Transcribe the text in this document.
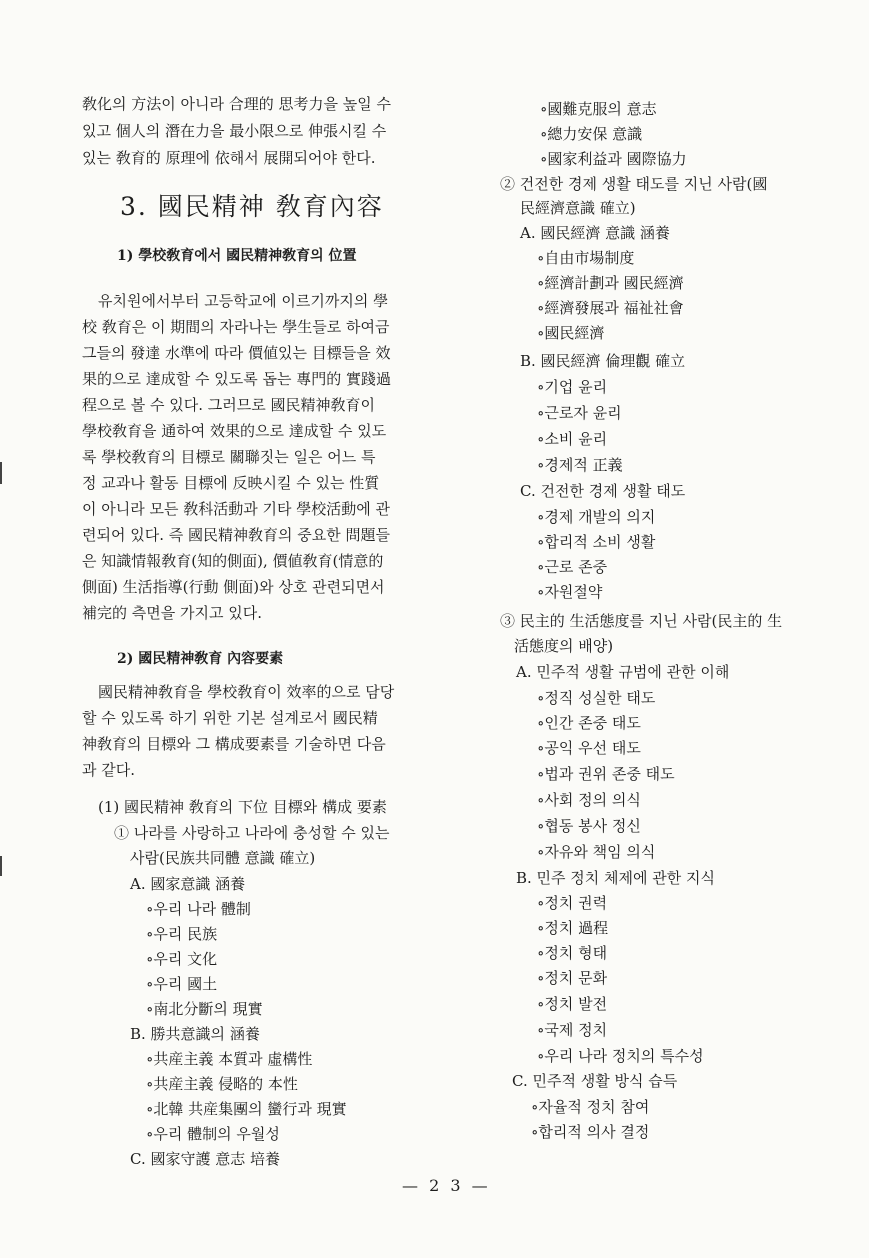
敎化의 方法이 아니라 合理的 思考力을 높일 수
있고 個人의 潛在力을 最小限으로 伸張시킬 수
있는 敎育的 原理에 依해서 展開되어야 한다.
3. 國民精神 敎育內容
1) 學校敎育에서 國民精神敎育의 位置
유치원에서부터 고등학교에 이르기까지의 學
校 敎育은 이 期間의 자라나는 學生들로 하여금
그들의 發達 水準에 따라 價値있는 目標들을 效
果的으로 達成할 수 있도록 돕는 專門的 實踐過
程으로 볼 수 있다. 그러므로 國民精神敎育이
學校敎育을 通하여 效果的으로 達成할 수 있도
록 學校敎育의 目標로 關聯짓는 일은 어느 특
정 교과나 활동 目標에 反映시킬 수 있는 性質
이 아니라 모든 敎科活動과 기타 學校活動에 관
련되어 있다. 즉 國民精神敎育의 중요한 問題들
은 知識情報敎育(知的側面), 價値敎育(情意的
側面) 生活指導(行動 側面)와 상호 관련되면서
補完的 측면을 가지고 있다.
2) 國民精神敎育 內容要素
國民精神敎育을 學校敎育이 效率的으로 담당
할 수 있도록 하기 위한 기본 설계로서 國民精
神敎育의 目標와 그 構成要素를 기술하면 다음
과 같다.
(1) 國民精神 敎育의 下位 目標와 構成 要素
① 나라를 사랑하고 나라에 충성할 수 있는
사람(民族共同體 意識 確立)
A. 國家意識 涵養
∘우리 나라 體制
∘우리 民族
∘우리 文化
∘우리 國土
∘南北分斷의 現實
B. 勝共意識의 涵養
∘共産主義 本質과 虛構性
∘共産主義 侵略的 本性
∘北韓 共産集團의 蠻行과 現實
∘우리 體制의 우월성
C. 國家守護 意志 培養
∘國難克服의 意志
∘總力安保 意識
∘國家利益과 國際協力
② 건전한 경제 생활 태도를 지닌 사람(國
民經濟意識 確立)
A. 國民經濟 意識 涵養
∘自由市場制度
∘經濟計劃과 國民經濟
∘經濟發展과 福祉社會
∘國民經濟
B. 國民經濟 倫理觀 確立
∘기업 윤리
∘근로자 윤리
∘소비 윤리
∘경제적 正義
C. 건전한 경제 생활 태도
∘경제 개발의 의지
∘합리적 소비 생활
∘근로 존중
∘자원절약
③ 民主的 生活態度를 지닌 사람(民主的 生
活態度의 배양)
A. 민주적 생활 규범에 관한 이해
∘정직 성실한 태도
∘인간 존중 태도
∘공익 우선 태도
∘법과 권위 존중 태도
∘사회 정의 의식
∘협동 봉사 정신
∘자유와 책임 의식
B. 민주 정치 체제에 관한 지식
∘정치 권력
∘정치 過程
∘정치 형태
∘정치 문화
∘정치 발전
∘국제 정치
∘우리 나라 정치의 특수성
C. 민주적 생활 방식 습득
∘자율적 정치 참여
∘합리적 의사 결정
— 2 3 —
